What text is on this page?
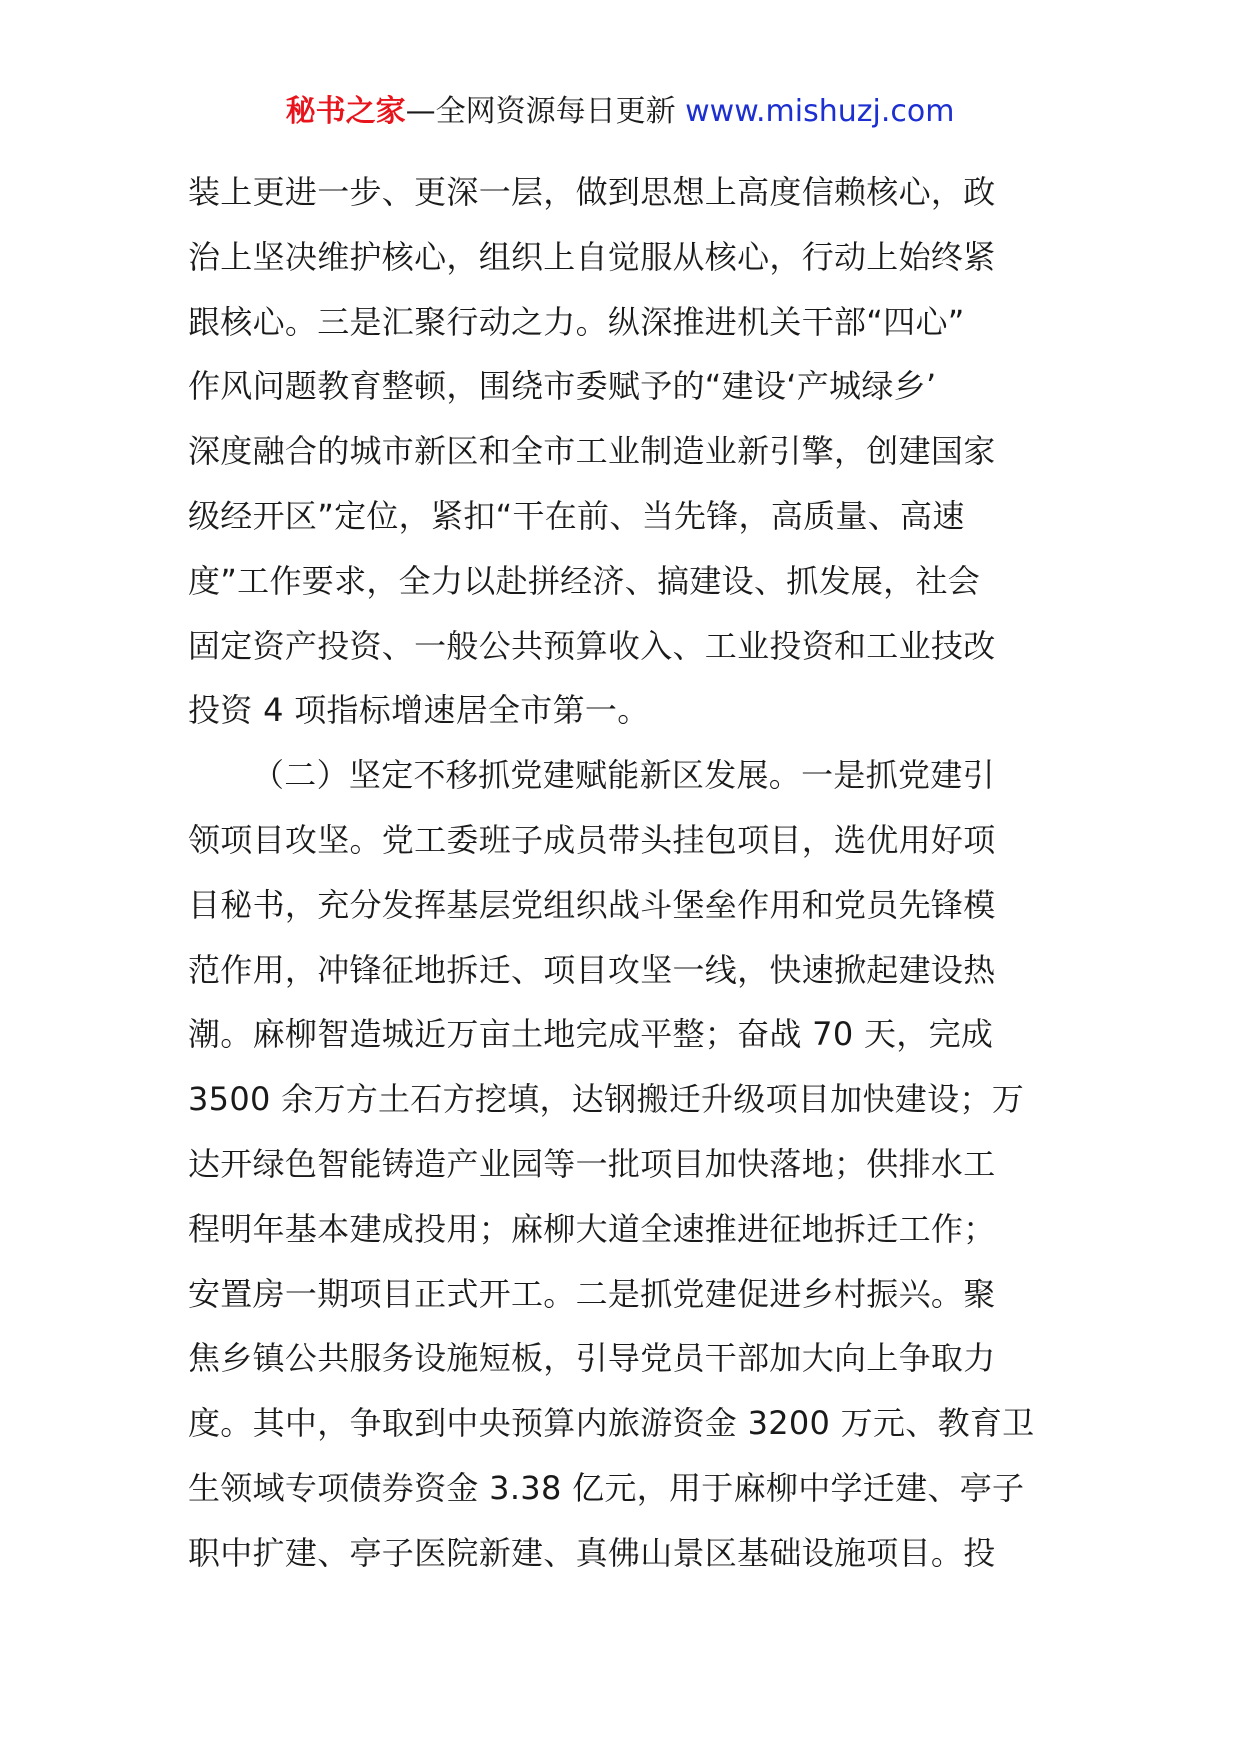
秘书之家—全网资源每日更新 www.mishuzj.com
装上更进一步、更深一层，做到思想上高度信赖核心，政
治上坚决维护核心，组织上自觉服从核心，行动上始终紧
跟核心。三是汇聚行动之力。纵深推进机关干部“四心”
作风问题教育整顿，围绕市委赋予的“建设‘产城绿乡’
深度融合的城市新区和全市工业制造业新引擎，创建国家
级经开区”定位，紧扣“干在前、当先锋，高质量、高速
度”工作要求，全力以赴拼经济、搞建设、抓发展，社会
固定资产投资、一般公共预算收入、工业投资和工业技改
投资 4 项指标增速居全市第一。
（二）坚定不移抓党建赋能新区发展。一是抓党建引
领项目攻坚。党工委班子成员带头挂包项目，选优用好项
目秘书，充分发挥基层党组织战斗堡垒作用和党员先锋模
范作用，冲锋征地拆迁、项目攻坚一线，快速掀起建设热
潮。麻柳智造城近万亩土地完成平整；奋战 70 天，完成
3500 余万方土石方挖填，达钢搬迁升级项目加快建设；万
达开绿色智能铸造产业园等一批项目加快落地；供排水工
程明年基本建成投用；麻柳大道全速推进征地拆迁工作；
安置房一期项目正式开工。二是抓党建促进乡村振兴。聚
焦乡镇公共服务设施短板，引导党员干部加大向上争取力
度。其中，争取到中央预算内旅游资金 3200 万元、教育卫
生领域专项债券资金 3.38 亿元，用于麻柳中学迁建、亭子
职中扩建、亭子医院新建、真佛山景区基础设施项目。投
